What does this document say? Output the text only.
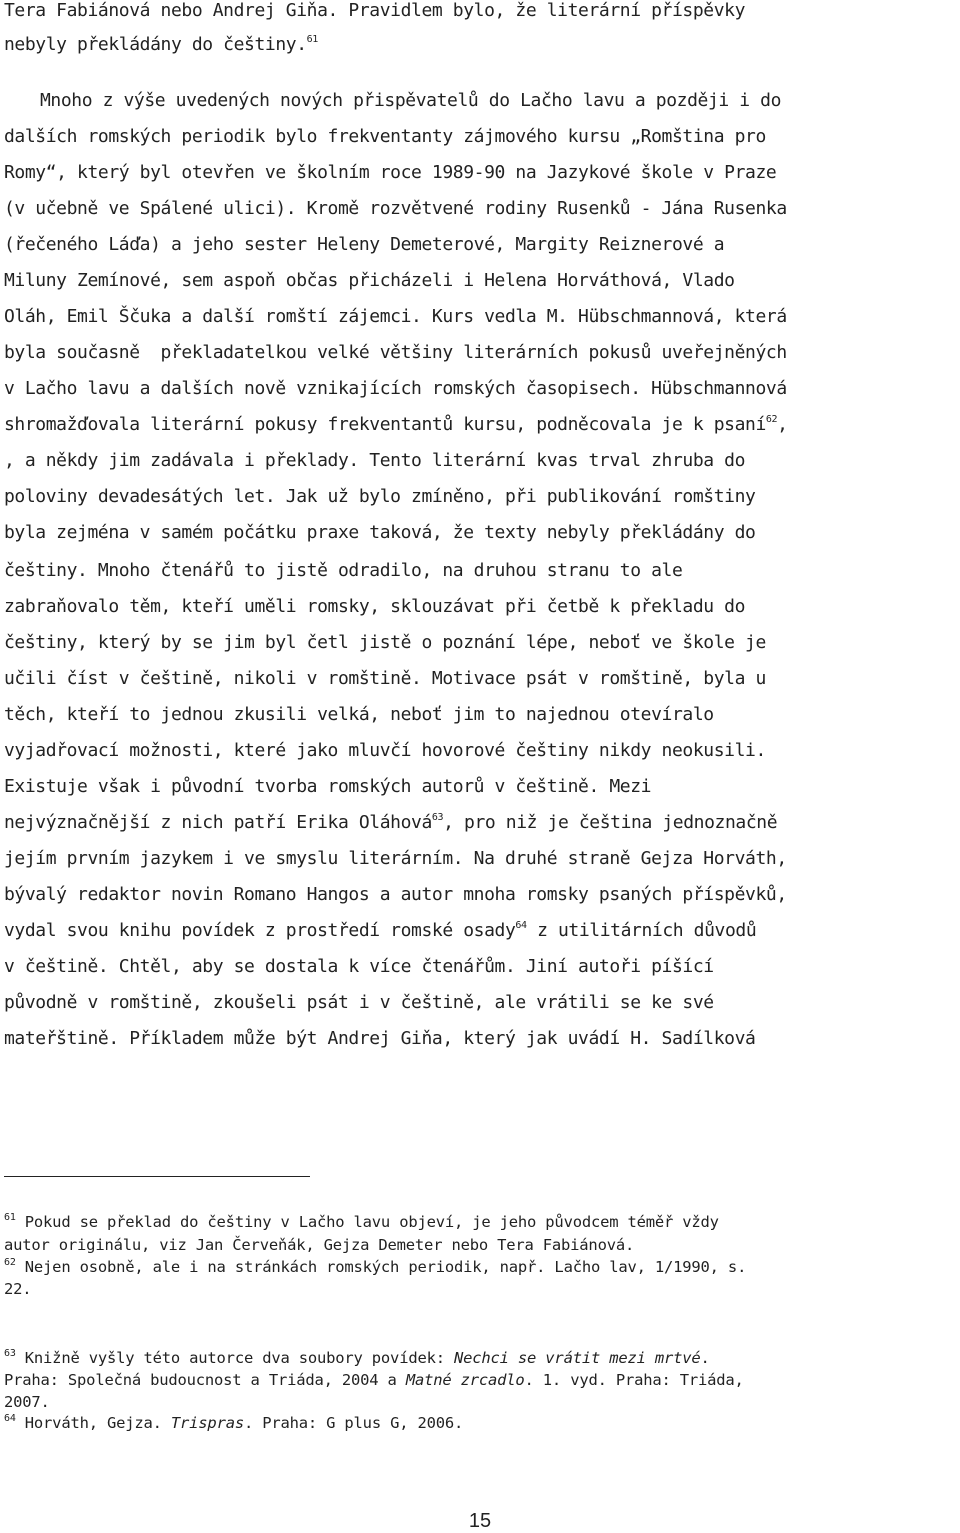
Tera Fabiánová nebo Andrej Giňa. Pravidlem bylo, že literární příspěvky
nebyly překládány do češtiny.$^{61}$
Mnoho z výše uvedených nových přispěvatelů do Lačho lavu a později i do
dalších romských periodik bylo frekventanty zájmového kursu „Romština pro
Romy“, který byl otevřen ve školním roce 1989-90 na Jazykové škole v Praze
(v učebně ve Spálené ulici). Kromě rozvětvené rodiny Rusenků - Jána Rusenka
(řečeného Láďa) a jeho sester Heleny Demeterové, Margity Reiznerové a
Miluny Zemínové, sem aspoň občas přicházeli i Helena Horváthová, Vlado
Oláh, Emil Ščuka a další romští zájemci. Kurs vedla M. Hübschmannová, která
byla současně  překladatelkou velké většiny literárních pokusů uveřejněných
v Lačho lavu a dalších nově vznikajících romských časopisech. Hübschmannová
shromažďovala literární pokusy frekventantů kursu, podněcovala je k psaní$^{62}$,
, a někdy jim zadávala i překlady. Tento literární kvas trval zhruba do
poloviny devadesátých let. Jak už bylo zmíněno, při publikování romštiny
byla zejména v samém počátku praxe taková, že texty nebyly překládány do
češtiny. Mnoho čtenářů to jistě odradilo, na druhou stranu to ale
zabraňovalo těm, kteří uměli romsky, sklouzávat při četbě k překladu do
češtiny, který by se jim byl četl jistě o poznání lépe, neboť ve škole je
učili číst v češtině, nikoli v romštině. Motivace psát v romštině, byla u
těch, kteří to jednou zkusili velká, neboť jim to najednou otevíralo
vyjadřovací možnosti, které jako mluvčí hovorové češtiny nikdy neokusili.
Existuje však i původní tvorba romských autorů v češtině. Mezi
nejvýznačnější z nich patří Erika Oláhová$^{63}$, pro niž je čeština jednoznačně
jejím prvním jazykem i ve smyslu literárním. Na druhé straně Gejza Horváth,
bývalý redaktor novin Romano Hangos a autor mnoha romsky psaných příspěvků,
vydal svou knihu povídek z prostředí romské osady$^{64}$ z utilitárních důvodů
v češtině. Chtěl, aby se dostala k více čtenářům. Jiní autoři píšící
původně v romštině, zkoušeli psát i v češtině, ale vrátili se ke své
mateřštině. Příkladem může být Andrej Giňa, který jak uvádí H. Sadílková
$^{61}$ Pokud se překlad do češtiny v Lačho lavu objeví, je jeho původcem téměř vždy
autor originálu, viz Jan Červeňák, Gejza Demeter nebo Tera Fabiánová.
$^{62}$ Nejen osobně, ale i na stránkách romských periodik, např. Lačho lav, 1/1990, s.
22.
$^{63}$ Knižně vyšly této autorce dva soubory povídek: Nechci se vrátit mezi mrtvé.
Praha: Společná budoucnost a Triáda, 2004 a Matné zrcadlo. 1. vyd. Praha: Triáda,
2007.
$^{64}$ Horváth, Gejza. Trispras. Praha: G plus G, 2006.
15
